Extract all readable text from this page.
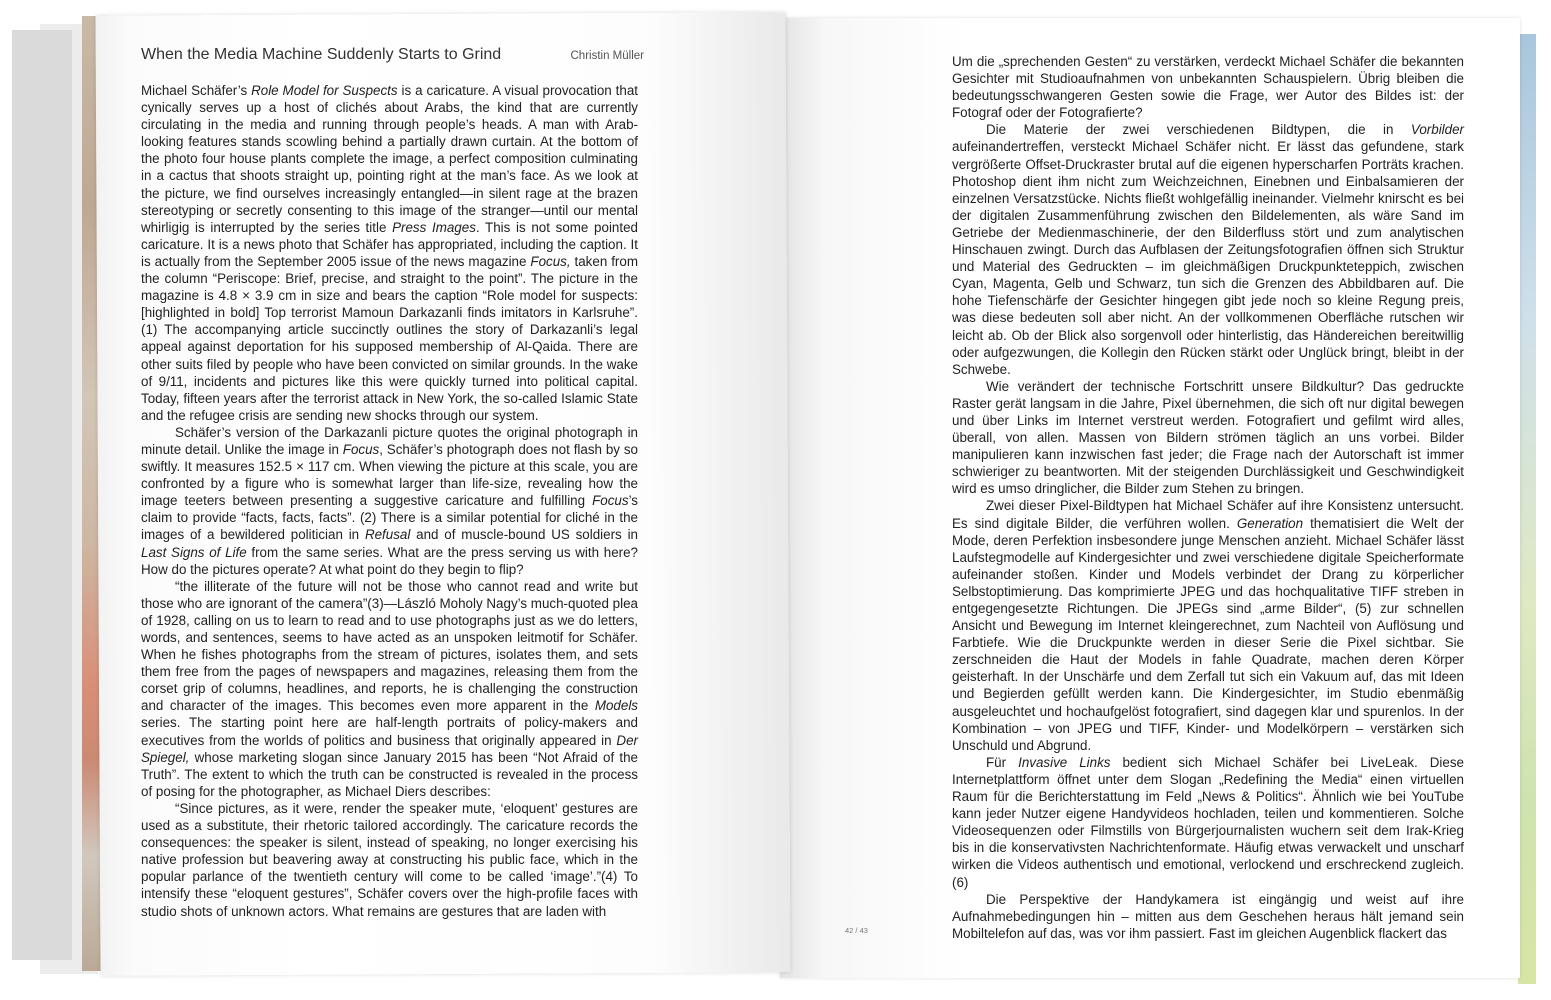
When the Media Machine Suddenly Starts to Grind	Christin Müller

Michael Schäfer’s Role Model for Suspects is a caricature. A visual provocation that cynically serves up a host of clichés about Arabs, the kind that are currently circulating in the media and running through people’s heads. A man with Arab-looking features stands scowling behind a partially drawn curtain. At the bottom of the photo four house plants complete the image, a perfect composition culminating in a cactus that shoots straight up, pointing right at the man’s face. As we look at the picture, we find ourselves increasingly entangled—in silent rage at the brazen stereotyping or secretly consenting to this image of the stranger—until our mental whirligig is interrupted by the series title Press Images. This is not some pointed caricature. It is a news photo that Schäfer has appropriated, including the caption. It is actually from the September 2005 issue of the news magazine Focus, taken from the column “Periscope: Brief, precise, and straight to the point”. The picture in the magazine is 4.8 × 3.9 cm in size and bears the caption “Role model for suspects: [highlighted in bold] Top terrorist Mamoun Darkazanli finds imitators in Karlsruhe”. (1) The accompanying article succinctly outlines the story of Darkazanli’s legal appeal against deportation for his supposed membership of Al-Qaida. There are other suits filed by people who have been convicted on similar grounds. In the wake of 9/11, incidents and pictures like this were quickly turned into political capital. Today, fifteen years after the terrorist attack in New York, the so-called Islamic State and the refugee crisis are sending new shocks through our system.

Schäfer’s version of the Darkazanli picture quotes the original photograph in minute detail. Unlike the image in Focus, Schäfer’s photograph does not flash by so swiftly. It measures 152.5 × 117 cm. When viewing the picture at this scale, you are confronted by a figure who is somewhat larger than life-size, revealing how the image teeters between presenting a suggestive caricature and fulfilling Focus’s claim to provide “facts, facts, facts”. (2) There is a similar potential for cliché in the images of a bewildered politician in Refusal and of muscle-bound US soldiers in Last Signs of Life from the same series. What are the press serving us with here? How do the pictures operate? At what point do they begin to flip?

“the illiterate of the future will not be those who cannot read and write but those who are ignorant of the camera”(3)—László Moholy Nagy’s much-quoted plea of 1928, calling on us to learn to read and to use photographs just as we do letters, words, and sentences, seems to have acted as an unspoken leitmotif for Schäfer. When he fishes photographs from the stream of pictures, isolates them, and sets them free from the pages of newspapers and magazines, releasing them from the corset grip of columns, headlines, and reports, he is challenging the construction and character of the images. This becomes even more apparent in the Models series. The starting point here are half-length portraits of policy-makers and executives from the worlds of politics and business that originally appeared in Der Spiegel, whose marketing slogan since January 2015 has been “Not Afraid of the Truth”. The extent to which the truth can be constructed is revealed in the process of posing for the photographer, as Michael Diers describes:

“Since pictures, as it were, render the speaker mute, ‘eloquent’ gestures are used as a substitute, their rhetoric tailored accordingly. The caricature records the consequences: the speaker is silent, instead of speaking, no longer exercising his native profession but beavering away at constructing his public face, which in the popular parlance of the twentieth century will come to be called ‘image’.”(4) To intensify these “eloquent gestures”, Schäfer covers over the high-profile faces with studio shots of unknown actors. What remains are gestures that are laden with

42 / 43

Um die „sprechenden Gesten“ zu verstärken, verdeckt Michael Schäfer die bekannten Gesichter mit Studioaufnahmen von unbekannten Schauspielern. Übrig bleiben die bedeutungsschwangeren Gesten sowie die Frage, wer Autor des Bildes ist: der Fotograf oder der Fotografierte?

Die Materie der zwei verschiedenen Bildtypen, die in Vorbilder aufeinandertreffen, versteckt Michael Schäfer nicht. Er lässt das gefundene, stark vergrößerte Offset-Druckraster brutal auf die eigenen hyperscharfen Porträts krachen. Photoshop dient ihm nicht zum Weichzeichnen, Einebnen und Einbalsamieren der einzelnen Versatzstücke. Nichts fließt wohlgefällig ineinander. Vielmehr knirscht es bei der digitalen Zusammenführung zwischen den Bildelementen, als wäre Sand im Getriebe der Medienmaschinerie, der den Bilderfluss stört und zum analytischen Hinschauen zwingt. Durch das Aufblasen der Zeitungsfotografien öffnen sich Struktur und Material des Gedruckten – im gleichmäßigen Druckpunkteteppich, zwischen Cyan, Magenta, Gelb und Schwarz, tun sich die Grenzen des Abbildbaren auf. Die hohe Tiefenschärfe der Gesichter hingegen gibt jede noch so kleine Regung preis, was diese bedeuten soll aber nicht. An der vollkommenen Oberfläche rutschen wir leicht ab. Ob der Blick also sorgenvoll oder hinterlistig, das Händereichen bereitwillig oder aufgezwungen, die Kollegin den Rücken stärkt oder Unglück bringt, bleibt in der Schwebe.

Wie verändert der technische Fortschritt unsere Bildkultur? Das gedruckte Raster gerät langsam in die Jahre, Pixel übernehmen, die sich oft nur digital bewegen und über Links im Internet verstreut werden. Fotografiert und gefilmt wird alles, überall, von allen. Massen von Bildern strömen täglich an uns vorbei. Bilder manipulieren kann inzwischen fast jeder; die Frage nach der Autorschaft ist immer schwieriger zu beantworten. Mit der steigenden Durchlässigkeit und Geschwindigkeit wird es umso dringlicher, die Bilder zum Stehen zu bringen.

Zwei dieser Pixel-Bildtypen hat Michael Schäfer auf ihre Konsistenz untersucht. Es sind digitale Bilder, die verführen wollen. Generation thematisiert die Welt der Mode, deren Perfektion insbesondere junge Menschen anzieht. Michael Schäfer lässt Laufstegmodelle auf Kindergesichter und zwei verschiedene digitale Speicherformate aufeinander stoßen. Kinder und Models verbindet der Drang zu körperlicher Selbstoptimierung. Das komprimierte JPEG und das hochqualitative TIFF streben in entgegengesetzte Richtungen. Die JPEGs sind „arme Bilder“, (5) zur schnellen Ansicht und Bewegung im Internet kleingerechnet, zum Nachteil von Auflösung und Farbtiefe. Wie die Druckpunkte werden in dieser Serie die Pixel sichtbar. Sie zerschneiden die Haut der Models in fahle Quadrate, machen deren Körper geisterhaft. In der Unschärfe und dem Zerfall tut sich ein Vakuum auf, das mit Ideen und Begierden gefüllt werden kann. Die Kindergesichter, im Studio ebenmäßig ausgeleuchtet und hochaufgelöst fotografiert, sind dagegen klar und spurenlos. In der Kombination – von JPEG und TIFF, Kinder- und Modelkörpern – verstärken sich Unschuld und Abgrund.

Für Invasive Links bedient sich Michael Schäfer bei LiveLeak. Diese Internetplattform öffnet unter dem Slogan „Redefining the Media“ einen virtuellen Raum für die Berichterstattung im Feld „News & Politics“. Ähnlich wie bei YouTube kann jeder Nutzer eigene Handyvideos hochladen, teilen und kommentieren. Solche Videosequenzen oder Filmstills von Bürgerjournalisten wuchern seit dem Irak-Krieg bis in die konservativsten Nachrichtenformate. Häufig etwas verwackelt und unscharf wirken die Videos authentisch und emotional, verlockend und erschreckend zugleich. (6)

Die Perspektive der Handykamera ist eingängig und weist auf ihre Aufnahmebedingungen hin – mitten aus dem Geschehen heraus hält jemand sein Mobiltelefon auf das, was vor ihm passiert. Fast im gleichen Augenblick flackert das
